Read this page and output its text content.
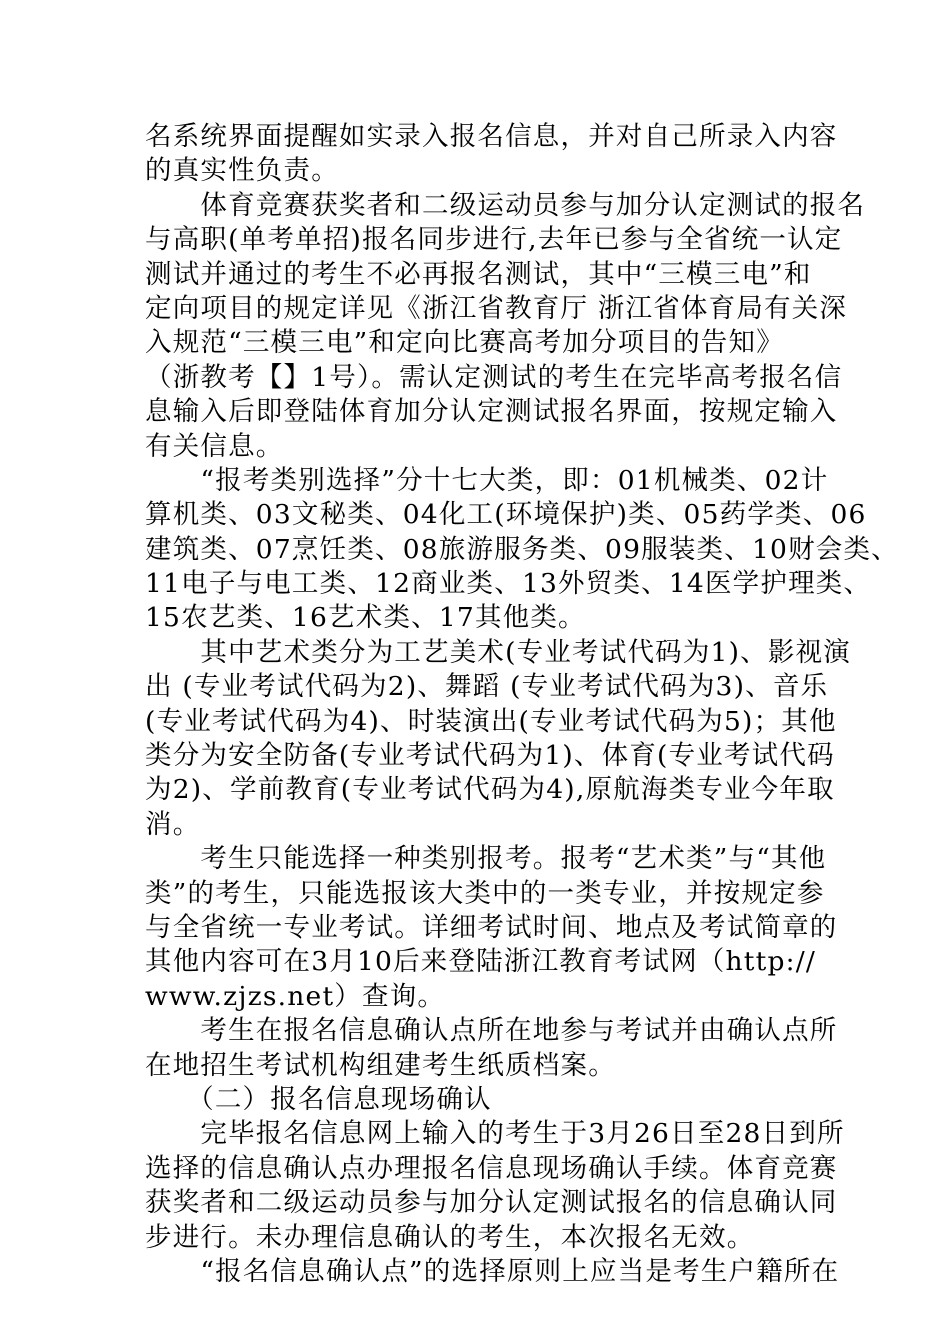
名系统界面提醒如实录入报名信息，并对自己所录入内容
的真实性负责。
　　体育竞赛获奖者和二级运动员参与加分认定测试的报名
与高职(单考单招)报名同步进行,去年已参与全省统一认定
测试并通过的考生不必再报名测试，其中“三模三电”和
定向项目的规定详见《浙江省教育厅 浙江省体育局有关深
入规范“三模三电”和定向比赛高考加分项目的告知》
（浙教考【】1号）。需认定测试的考生在完毕高考报名信
息输入后即登陆体育加分认定测试报名界面，按规定输入
有关信息。
　　“报考类别选择”分十七大类，即：01机械类、02计
算机类、03文秘类、04化工(环境保护)类、05药学类、06
建筑类、07烹饪类、08旅游服务类、09服装类、10财会类、
11电子与电工类、12商业类、13外贸类、14医学护理类、
15农艺类、16艺术类、17其他类。
　　其中艺术类分为工艺美术(专业考试代码为1)、影视演
出 (专业考试代码为2)、舞蹈 (专业考试代码为3)、音乐
(专业考试代码为4)、时装演出(专业考试代码为5)；其他
类分为安全防备(专业考试代码为1)、体育(专业考试代码
为2)、学前教育(专业考试代码为4),原航海类专业今年取
消。
　　考生只能选择一种类别报考。报考“艺术类”与“其他
类”的考生，只能选报该大类中的一类专业，并按规定参
与全省统一专业考试。详细考试时间、地点及考试简章的
其他内容可在3月10后来登陆浙江教育考试网（http://
www.zjzs.net）查询。
　　考生在报名信息确认点所在地参与考试并由确认点所
在地招生考试机构组建考生纸质档案。
　　（二）报名信息现场确认
　　完毕报名信息网上输入的考生于3月26日至28日到所
选择的信息确认点办理报名信息现场确认手续。体育竞赛
获奖者和二级运动员参与加分认定测试报名的信息确认同
步进行。未办理信息确认的考生，本次报名无效。
　　“报名信息确认点”的选择原则上应当是考生户籍所在
